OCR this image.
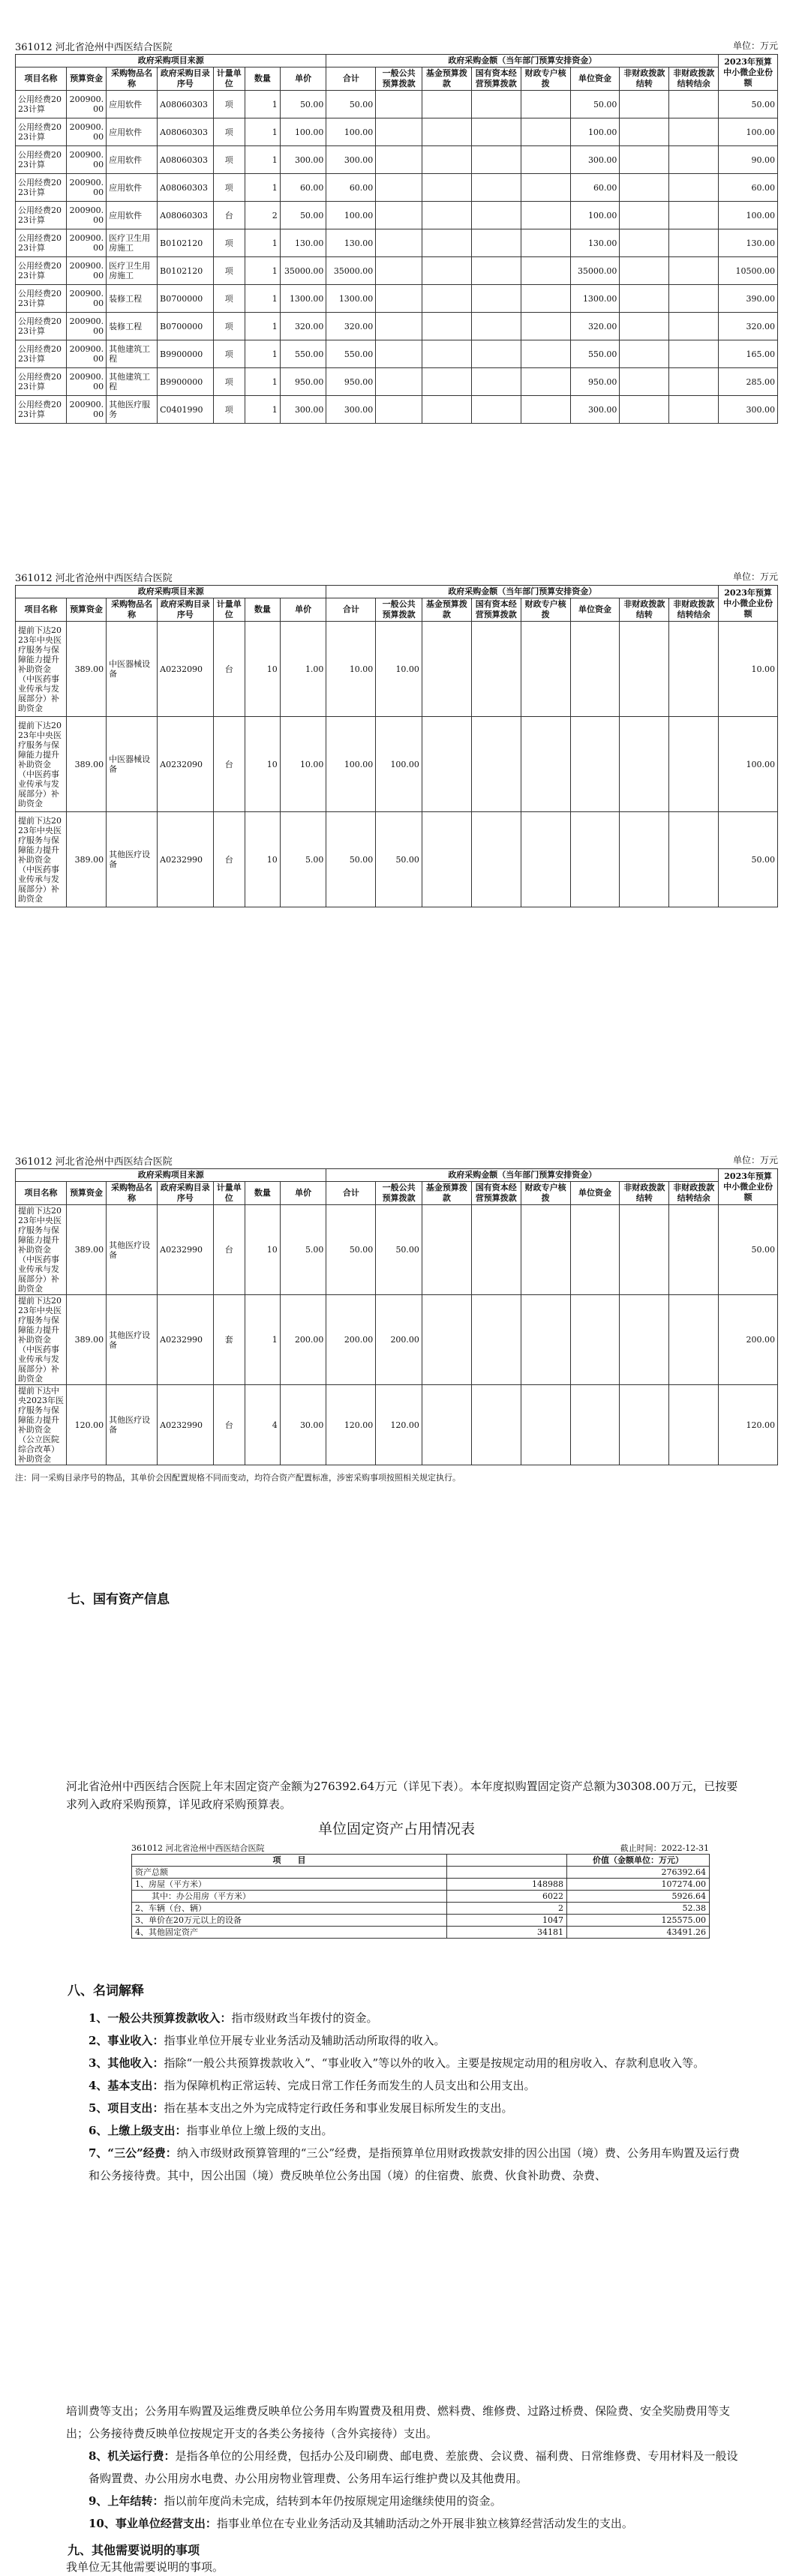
361012 河北省沧州中西医结合医院	单位：万元
政府采购项目来源							政府采购金额（当年部门预算安排资金）								2023年预算中小微企业份额
项目名称	预算资金	采购物品名称	政府采购目录序号	计量单位	数量	单价	合计	一般公共预算拨款	基金预算拨款	国有资本经营预算拨款	财政专户核拨	单位资金	非财政拨款结转	非财政拨款结转结余	
公用经费2023计算	200900.00	应用软件	A08060303	项	1	50.00	50.00					50.00			50.00
公用经费2023计算	200900.00	应用软件	A08060303	项	1	100.00	100.00					100.00			100.00
公用经费2023计算	200900.00	应用软件	A08060303	项	1	300.00	300.00					300.00			90.00
公用经费2023计算	200900.00	应用软件	A08060303	项	1	60.00	60.00					60.00			60.00
公用经费2023计算	200900.00	应用软件	A08060303	台	2	50.00	100.00					100.00			100.00
公用经费2023计算	200900.00	医疗卫生用房施工	B0102120	项	1	130.00	130.00					130.00			130.00
公用经费2023计算	200900.00	医疗卫生用房施工	B0102120	项	1	35000.00	35000.00					35000.00			10500.00
公用经费2023计算	200900.00	装修工程	B0700000	项	1	1300.00	1300.00					1300.00			390.00
公用经费2023计算	200900.00	装修工程	B0700000	项	1	320.00	320.00					320.00			320.00
公用经费2023计算	200900.00	其他建筑工程	B9900000	项	1	550.00	550.00					550.00			165.00
公用经费2023计算	200900.00	其他建筑工程	B9900000	项	1	950.00	950.00					950.00			285.00
公用经费2023计算	200900.00	其他医疗服务	C0401990	项	1	300.00	300.00					300.00			300.00
361012 河北省沧州中西医结合医院	单位：万元
政府采购项目来源							政府采购金额（当年部门预算安排资金）								2023年预算中小微企业份额
项目名称	预算资金	采购物品名称	政府采购目录序号	计量单位	数量	单价	合计	一般公共预算拨款	基金预算拨款	国有资本经营预算拨款	财政专户核拨	单位资金	非财政拨款结转	非财政拨款结转结余	
提前下达2023年中央医疗服务与保障能力提升补助资金（中医药事业传承与发展部分）补助资金	389.00	中医器械设备	A0232090	台	10	1.00	10.00	10.00							10.00
提前下达2023年中央医疗服务与保障能力提升补助资金（中医药事业传承与发展部分）补助资金	389.00	中医器械设备	A0232090	台	10	10.00	100.00	100.00							100.00
提前下达2023年中央医疗服务与保障能力提升补助资金（中医药事业传承与发展部分）补助资金	389.00	其他医疗设备	A0232990	台	10	5.00	50.00	50.00							50.00
361012 河北省沧州中西医结合医院	单位：万元
政府采购项目来源							政府采购金额（当年部门预算安排资金）								2023年预算中小微企业份额
项目名称	预算资金	采购物品名称	政府采购目录序号	计量单位	数量	单价	合计	一般公共预算拨款	基金预算拨款	国有资本经营预算拨款	财政专户核拨	单位资金	非财政拨款结转	非财政拨款结转结余	
提前下达2023年中央医疗服务与保障能力提升补助资金（中医药事业传承与发展部分）补助资金	389.00	其他医疗设备	A0232990	台	10	5.00	50.00	50.00							50.00
提前下达2023年中央医疗服务与保障能力提升补助资金（中医药事业传承与发展部分）补助资金	389.00	其他医疗设备	A0232990	套	1	200.00	200.00	200.00							200.00
提前下达中央2023年医疗服务与保障能力提升补助资金（公立医院综合改革）补助资金	120.00	其他医疗设备	A0232990	台	4	30.00	120.00	120.00							120.00
注：同一采购目录序号的物品，其单价会因配置规格不同而变动，均符合资产配置标准，涉密采购事项按照相关规定执行。
七、国有资产信息
河北省沧州中西医结合医院上年末固定资产金额为276392.64万元（详见下表）。本年度拟购置固定资产总额为30308.00万元，已按要求列入政府采购预算，详见政府采购预算表。
单位固定资产占用情况表
361012 河北省沧州中西医结合医院	截止时间：2022-12-31
项　　目		价值（金额单位：万元）
资产总额		276392.64
1、房屋（平方米）	148988	107274.00
　　其中：办公用房（平方米）	6022	5926.64
2、车辆（台、辆）	2	52.38
3、单价在20万元以上的设备	1047	125575.00
4、其他固定资产	34181	43491.26
八、名词解释
1、一般公共预算拨款收入：指市级财政当年拨付的资金。
2、事业收入：指事业单位开展专业业务活动及辅助活动所取得的收入。
3、其他收入：指除“一般公共预算拨款收入”、“事业收入”等以外的收入。主要是按规定动用的租房收入、存款利息收入等。
4、基本支出：指为保障机构正常运转、完成日常工作任务而发生的人员支出和公用支出。
5、项目支出：指在基本支出之外为完成特定行政任务和事业发展目标所发生的支出。
6、上缴上级支出：指事业单位上缴上级的支出。
7、“三公”经费：纳入市级财政预算管理的“三公”经费，是指预算单位用财政拨款安排的因公出国（境）费、公务用车购置及运行费和公务接待费。其中，因公出国（境）费反映单位公务出国（境）的住宿费、旅费、伙食补助费、杂费、
培训费等支出；公务用车购置及运维费反映单位公务用车购置费及租用费、燃料费、维修费、过路过桥费、保险费、安全奖励费用等支出；公务接待费反映单位按规定开支的各类公务接待（含外宾接待）支出。
8、机关运行费：是指各单位的公用经费，包括办公及印刷费、邮电费、差旅费、会议费、福利费、日常维修费、专用材料及一般设备购置费、办公用房水电费、办公用房物业管理费、公务用车运行维护费以及其他费用。
9、上年结转：指以前年度尚未完成，结转到本年仍按原规定用途继续使用的资金。
10、事业单位经营支出：指事业单位在专业业务活动及其辅助活动之外开展非独立核算经营活动发生的支出。
九、其他需要说明的事项
我单位无其他需要说明的事项。
